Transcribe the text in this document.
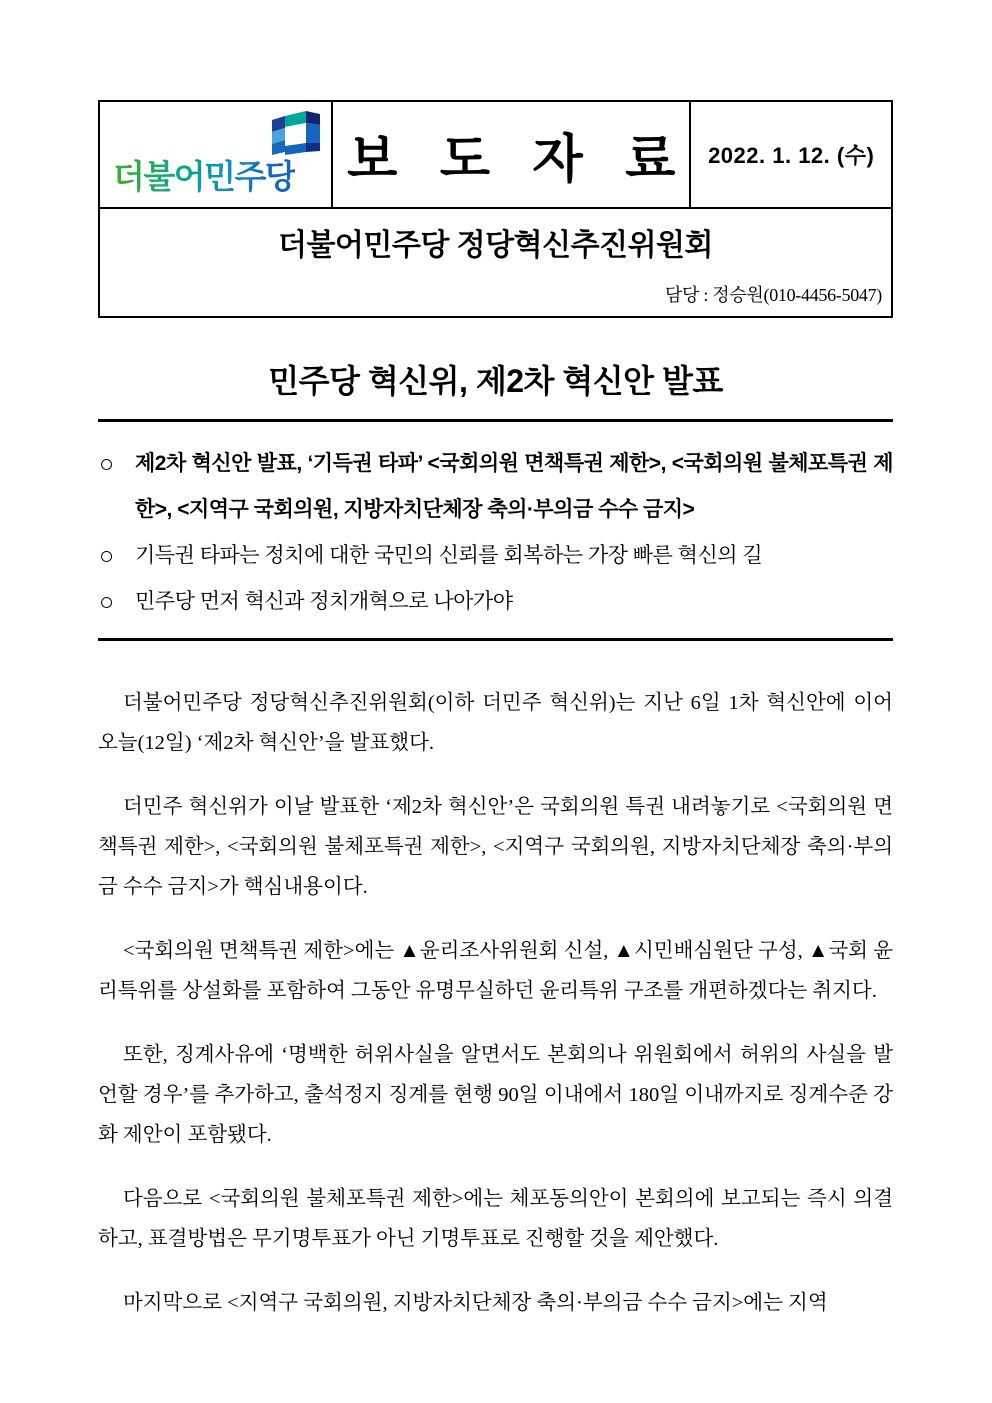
더불어민주당 보 도 자 료 2022. 1. 12. (수)
더불어민주당 정당혁신추진위원회
담당 : 정승원(010-4456-5047)
민주당 혁신위, 제2차 혁신안 발표
○ 제2차 혁신안 발표, ‘기득권 타파’ <국회의원 면책특권 제한>, <국회의원 불체포특권 제한>, <지역구 국회의원, 지방자치단체장 축의·부의금 수수 금지>
○ 기득권 타파는 정치에 대한 국민의 신뢰를 회복하는 가장 빠른 혁신의 길
○ 민주당 먼저 혁신과 정치개혁으로 나아가야

더불어민주당 정당혁신추진위원회(이하 더민주 혁신위)는 지난 6일 1차 혁신안에 이어 오늘(12일) ‘제2차 혁신안’을 발표했다.

더민주 혁신위가 이날 발표한 ‘제2차 혁신안’은 국회의원 특권 내려놓기로 <국회의원 면책특권 제한>, <국회의원 불체포특권 제한>, <지역구 국회의원, 지방자치단체장 축의·부의금 수수 금지>가 핵심내용이다.

<국회의원 면책특권 제한>에는 ▲윤리조사위원회 신설, ▲시민배심원단 구성, ▲국회 윤리특위를 상설화를 포함하여 그동안 유명무실하던 윤리특위 구조를 개편하겠다는 취지다.

또한, 징계사유에 ‘명백한 허위사실을 알면서도 본회의나 위원회에서 허위의 사실을 발언할 경우’를 추가하고, 출석정지 징계를 현행 90일 이내에서 180일 이내까지로 징계수준 강화 제안이 포함됐다.

다음으로 <국회의원 불체포특권 제한>에는 체포동의안이 본회의에 보고되는 즉시 의결하고, 표결방법은 무기명투표가 아닌 기명투표로 진행할 것을 제안했다.

마지막으로 <지역구 국회의원, 지방자치단체장 축의·부의금 수수 금지>에는 지역
